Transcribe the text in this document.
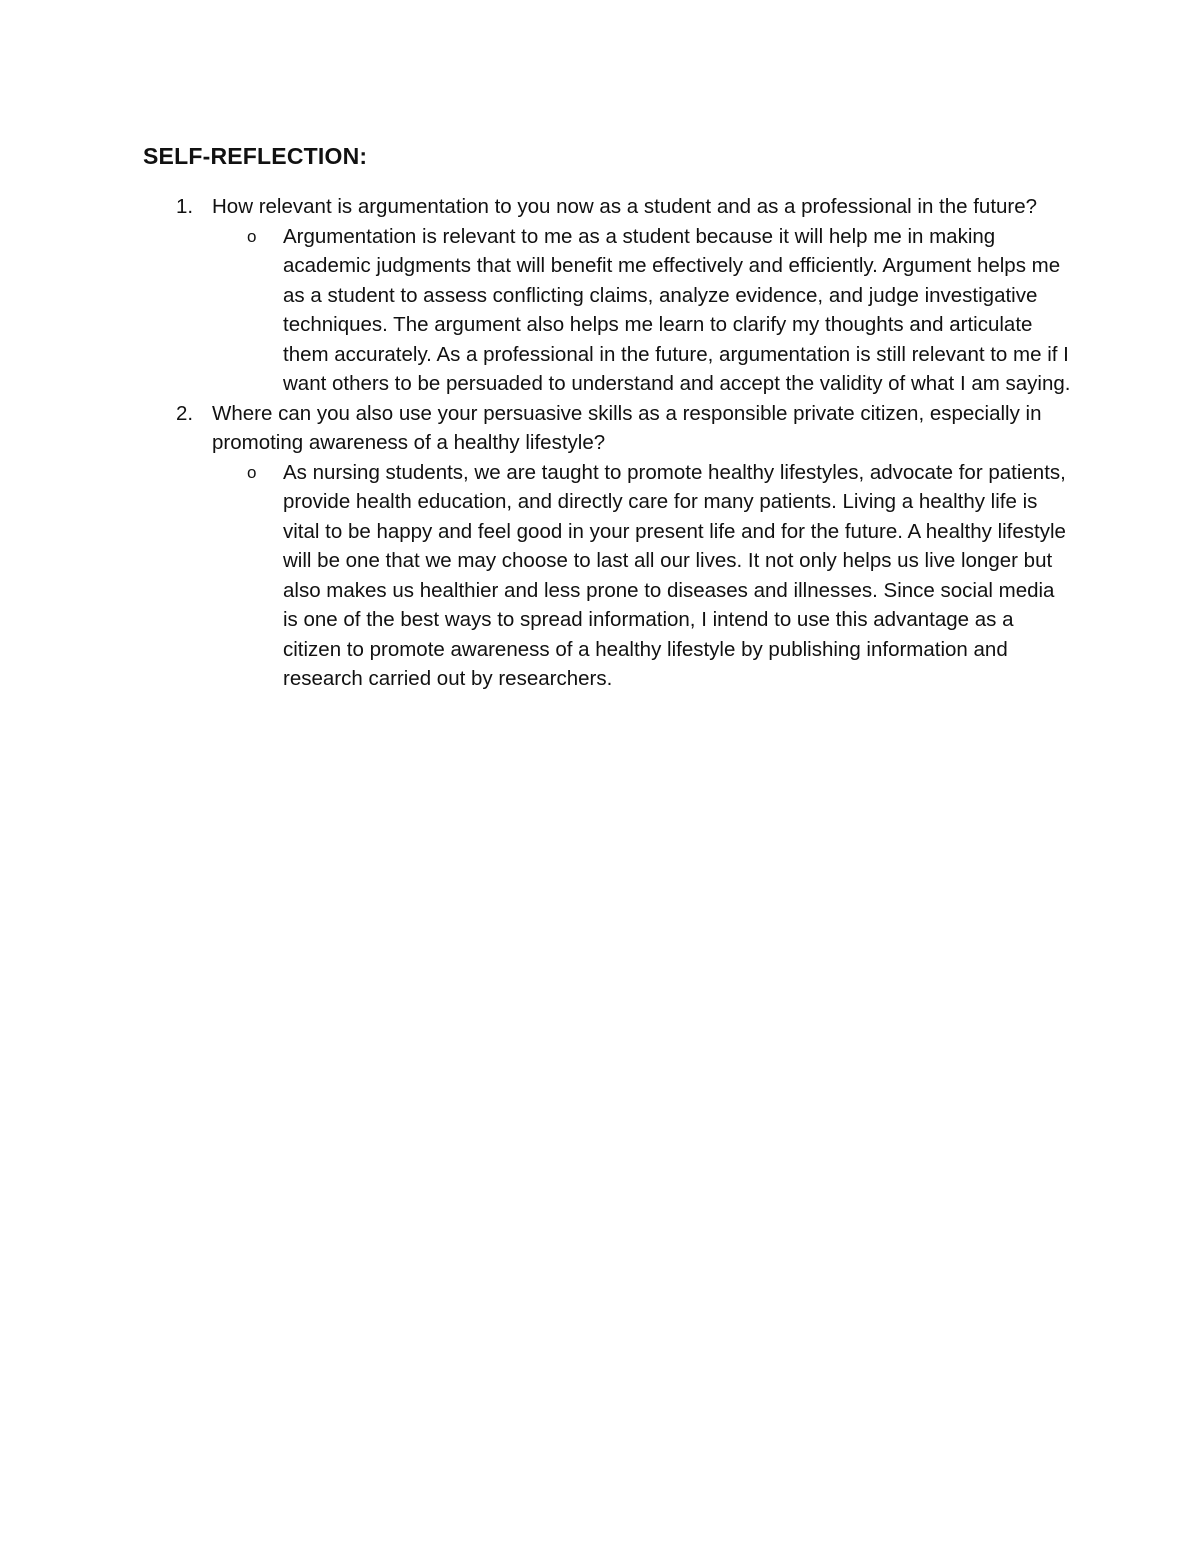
SELF-REFLECTION:
1. How relevant is argumentation to you now as a student and as a professional in the future?
o Argumentation is relevant to me as a student because it will help me in making academic judgments that will benefit me effectively and efficiently. Argument helps me as a student to assess conflicting claims, analyze evidence, and judge investigative techniques. The argument also helps me learn to clarify my thoughts and articulate them accurately. As a professional in the future, argumentation is still relevant to me if I want others to be persuaded to understand and accept the validity of what I am saying.
2. Where can you also use your persuasive skills as a responsible private citizen, especially in promoting awareness of a healthy lifestyle?
o As nursing students, we are taught to promote healthy lifestyles, advocate for patients, provide health education, and directly care for many patients. Living a healthy life is vital to be happy and feel good in your present life and for the future. A healthy lifestyle will be one that we may choose to last all our lives. It not only helps us live longer but also makes us healthier and less prone to diseases and illnesses. Since social media is one of the best ways to spread information, I intend to use this advantage as a citizen to promote awareness of a healthy lifestyle by publishing information and research carried out by researchers.
